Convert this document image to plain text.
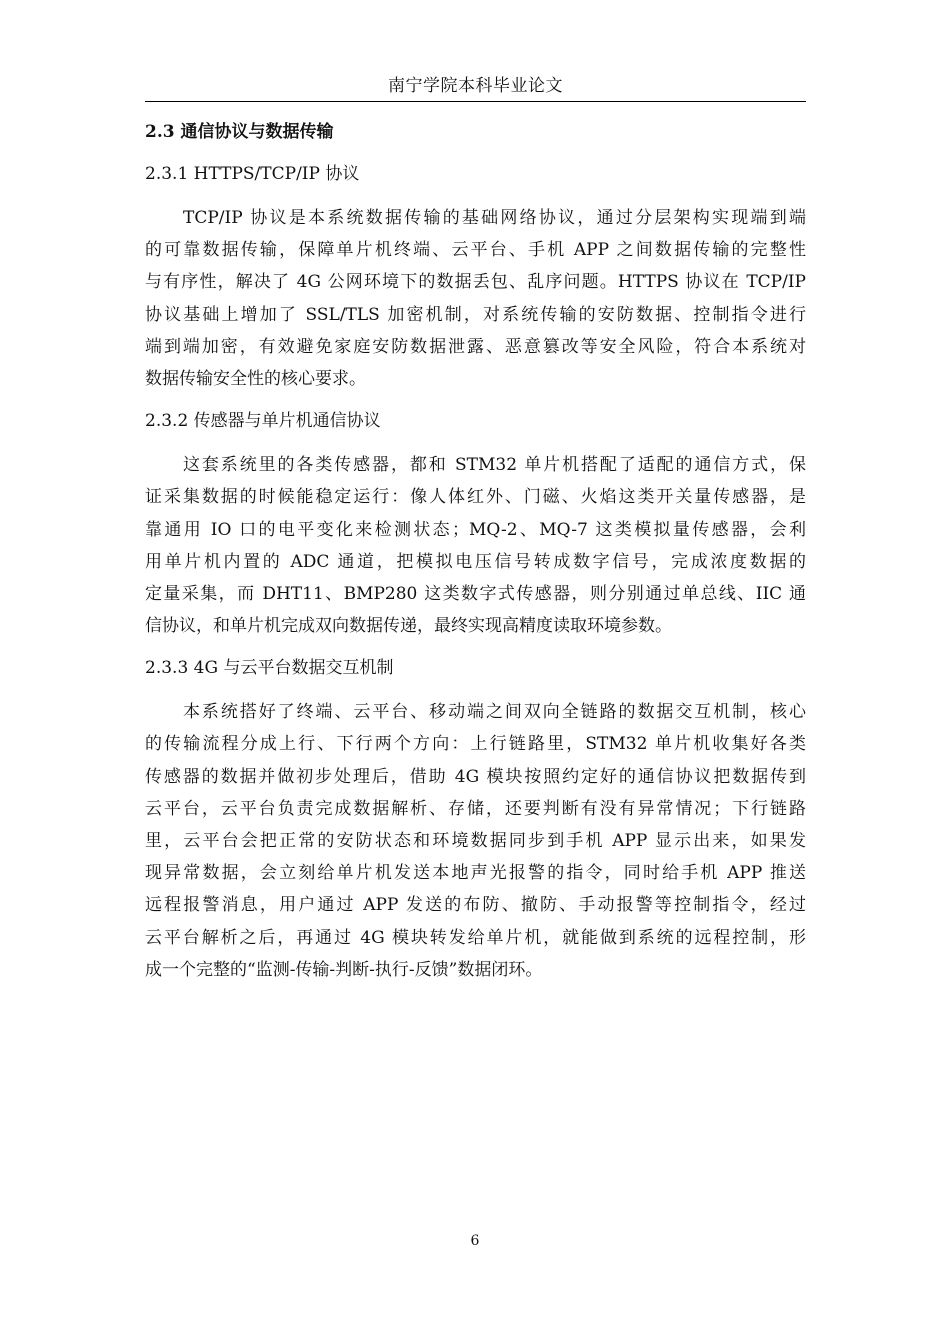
南宁学院本科毕业论文
2.3 通信协议与数据传输
2.3.1 HTTPS/TCP/IP 协议
TCP/IP 协议是本系统数据传输的基础网络协议，通过分层架构实现端到端
的可靠数据传输，保障单片机终端、云平台、手机 APP 之间数据传输的完整性
与有序性，解决了 4G 公网环境下的数据丢包、乱序问题。HTTPS 协议在 TCP/IP
协议基础上增加了 SSL/TLS 加密机制，对系统传输的安防数据、控制指令进行
端到端加密，有效避免家庭安防数据泄露、恶意篡改等安全风险，符合本系统对
数据传输安全性的核心要求。
2.3.2 传感器与单片机通信协议
这套系统里的各类传感器，都和 STM32 单片机搭配了适配的通信方式，保
证采集数据的时候能稳定运行：像人体红外、门磁、火焰这类开关量传感器，是
靠通用 IO 口的电平变化来检测状态；MQ-2、MQ-7 这类模拟量传感器，会利
用单片机内置的 ADC 通道，把模拟电压信号转成数字信号，完成浓度数据的
定量采集，而 DHT11、BMP280 这类数字式传感器，则分别通过单总线、IIC 通
信协议，和单片机完成双向数据传递，最终实现高精度读取环境参数。
2.3.3 4G 与云平台数据交互机制
本系统搭好了终端、云平台、移动端之间双向全链路的数据交互机制，核心
的传输流程分成上行、下行两个方向：上行链路里，STM32 单片机收集好各类
传感器的数据并做初步处理后，借助 4G 模块按照约定好的通信协议把数据传到
云平台，云平台负责完成数据解析、存储，还要判断有没有异常情况；下行链路
里，云平台会把正常的安防状态和环境数据同步到手机 APP 显示出来，如果发
现异常数据，会立刻给单片机发送本地声光报警的指令，同时给手机 APP 推送
远程报警消息，用户通过 APP 发送的布防、撤防、手动报警等控制指令，经过
云平台解析之后，再通过 4G 模块转发给单片机，就能做到系统的远程控制，形
成一个完整的“监测-传输-判断-执行-反馈”数据闭环。
6
